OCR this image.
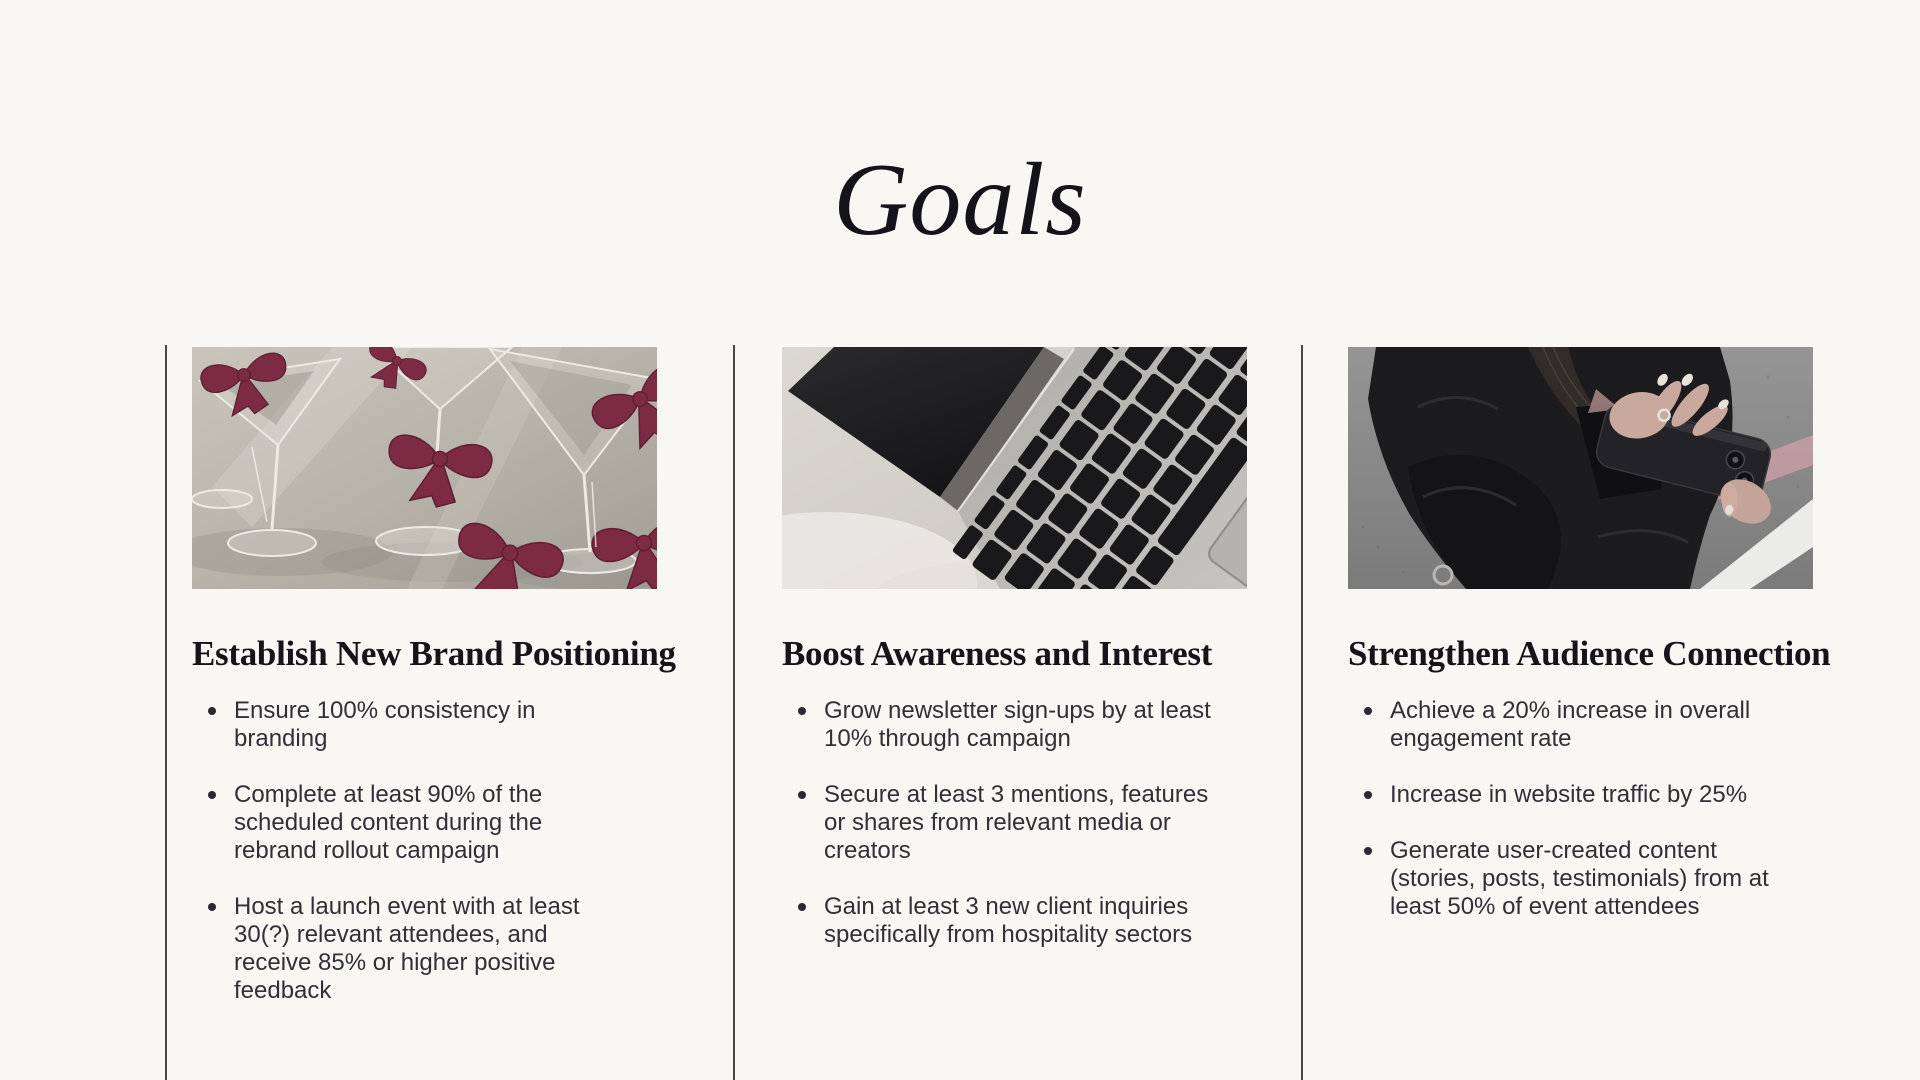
Goals
Establish New Brand Positioning
Ensure 100% consistency in branding
Complete at least 90% of the scheduled content during the rebrand rollout campaign
Host a launch event with at least 30(?) relevant attendees, and receive 85% or higher positive feedback
Boost Awareness and Interest
Grow newsletter sign-ups by at least 10% through campaign
Secure at least 3 mentions, features or shares from relevant media or creators
Gain at least 3 new client inquiries specifically from hospitality sectors
Strengthen Audience Connection
Achieve a 20% increase in overall engagement rate
Increase in website traffic by 25%
Generate user-created content (stories, posts, testimonials) from at least 50% of event attendees
